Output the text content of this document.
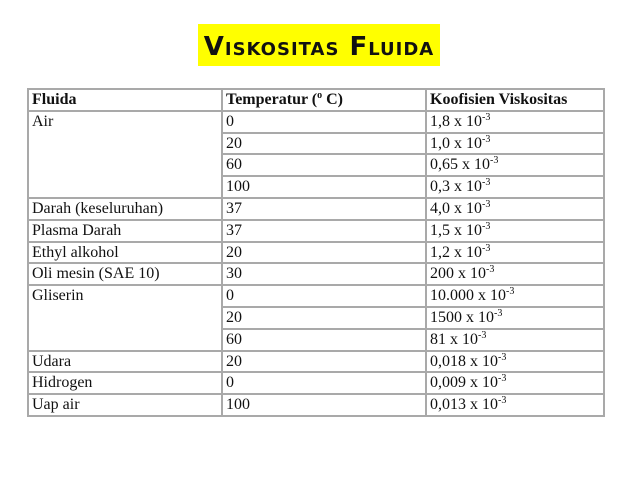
Viskositas Fluida
Fluida	Temperatur ($^o$ C)	Koofisien Viskositas
Air	0	1,8 x $10^{-3}$
	20	1,0 x $10^{-3}$
	60	0,65 x $10^{-3}$
	100	0,3 x $10^{-3}$
Darah (keseluruhan)	37	4,0 x $10^{-3}$
Plasma Darah	37	1,5 x $10^{-3}$
Ethyl alkohol	20	1,2 x $10^{-3}$
Oli mesin (SAE 10)	30	200 x $10^{-3}$
Gliserin	0	10.000 x $10^{-3}$
	20	1500 x $10^{-3}$
	60	81 x $10^{-3}$
Udara	20	0,018 x $10^{-3}$
Hidrogen	0	0,009 x $10^{-3}$
Uap air	100	0,013 x $10^{-3}$
